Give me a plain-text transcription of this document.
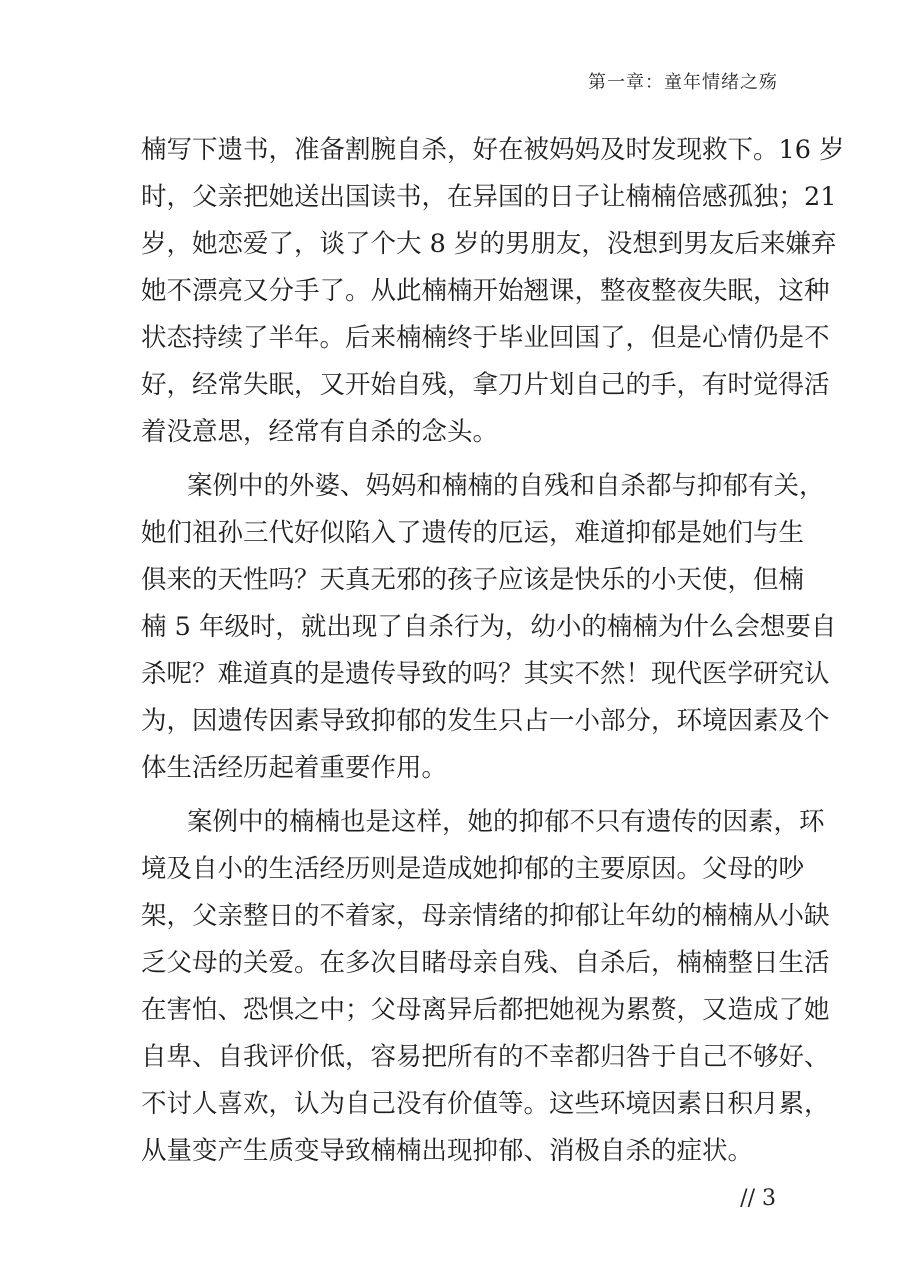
第一章：童年情绪之殇
楠写下遗书，准备割腕自杀，好在被妈妈及时发现救下。16 岁
时，父亲把她送出国读书，在异国的日子让楠楠倍感孤独；21
岁，她恋爱了，谈了个大 8 岁的男朋友，没想到男友后来嫌弃
她不漂亮又分手了。从此楠楠开始翘课，整夜整夜失眠，这种
状态持续了半年。后来楠楠终于毕业回国了，但是心情仍是不
好，经常失眠，又开始自残，拿刀片划自己的手，有时觉得活
着没意思，经常有自杀的念头。
案例中的外婆、妈妈和楠楠的自残和自杀都与抑郁有关，
她们祖孙三代好似陷入了遗传的厄运，难道抑郁是她们与生
俱来的天性吗？天真无邪的孩子应该是快乐的小天使，但楠
楠 5 年级时，就出现了自杀行为，幼小的楠楠为什么会想要自
杀呢？难道真的是遗传导致的吗？其实不然！现代医学研究认
为，因遗传因素导致抑郁的发生只占一小部分，环境因素及个
体生活经历起着重要作用。
案例中的楠楠也是这样，她的抑郁不只有遗传的因素，环
境及自小的生活经历则是造成她抑郁的主要原因。父母的吵
架，父亲整日的不着家，母亲情绪的抑郁让年幼的楠楠从小缺
乏父母的关爱。在多次目睹母亲自残、自杀后，楠楠整日生活
在害怕、恐惧之中；父母离异后都把她视为累赘，又造成了她
自卑、自我评价低，容易把所有的不幸都归咎于自己不够好、
不讨人喜欢，认为自己没有价值等。这些环境因素日积月累，
从量变产生质变导致楠楠出现抑郁、消极自杀的症状。
// 3
